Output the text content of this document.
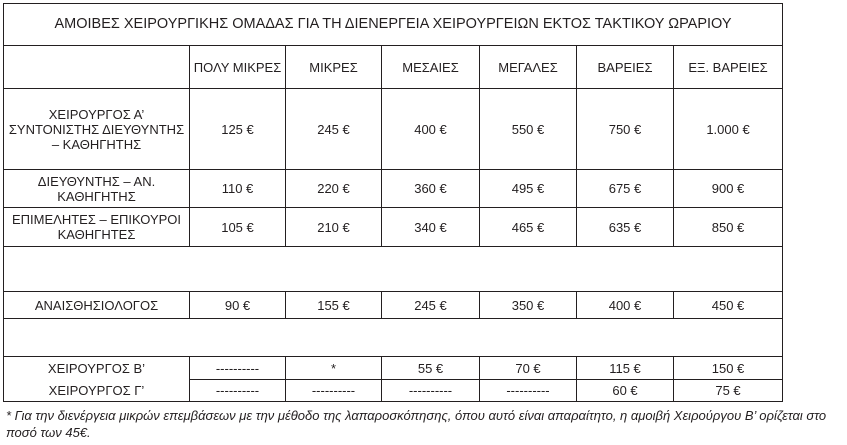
ΑΜΟΙΒΕΣ ΧΕΙΡΟΥΡΓΙΚΗΣ ΟΜΑΔΑΣ ΓΙΑ ΤΗ ΔΙΕΝΕΡΓΕΙΑ ΧΕΙΡΟΥΡΓΕΙΩΝ ΕΚΤΟΣ ΤΑΚΤΙΚΟΥ ΩΡΑΡΙΟΥ						
	ΠΟΛΥ ΜΙΚΡΕΣ	ΜΙΚΡΕΣ	ΜΕΣΑΙΕΣ	ΜΕΓΑΛΕΣ	ΒΑΡΕΙΕΣ	ΕΞ. ΒΑΡΕΙΕΣ
ΧΕΙΡΟΥΡΓΟΣ Α’ ΣΥΝΤΟΝΙΣΤΗΣ ΔΙΕΥΘΥΝΤΗΣ – ΚΑΘΗΓΗΤΗΣ	125 €	245 €	400 €	550 €	750 €	1.000 €
ΔΙΕΥΘΥΝΤΗΣ – ΑΝ. ΚΑΘΗΓΗΤΗΣ	110 €	220 €	360 €	495 €	675 €	900 €
ΕΠΙΜΕΛΗΤΕΣ – ΕΠΙΚΟΥΡΟΙ ΚΑΘΗΓΗΤΕΣ	105 €	210 €	340 €	465 €	635 €	850 €

ΑΝΑΙΣΘΗΣΙΟΛΟΓΟΣ	90 €	155 €	245 €	350 €	400 €	450 €

ΧΕΙΡΟΥΡΓΟΣ Β’	----------	*	55 €	70 €	115 €	150 €
ΧΕΙΡΟΥΡΓΟΣ Γ’	----------	----------	----------	----------	60 €	75 €
* Για την διενέργεια μικρών επεμβάσεων με την μέθοδο της λαπαροσκόπησης, όπου αυτό είναι απαραίτητο, η αμοιβή Χειρούργου Β’ ορίζεται στο ποσό των 45€.
